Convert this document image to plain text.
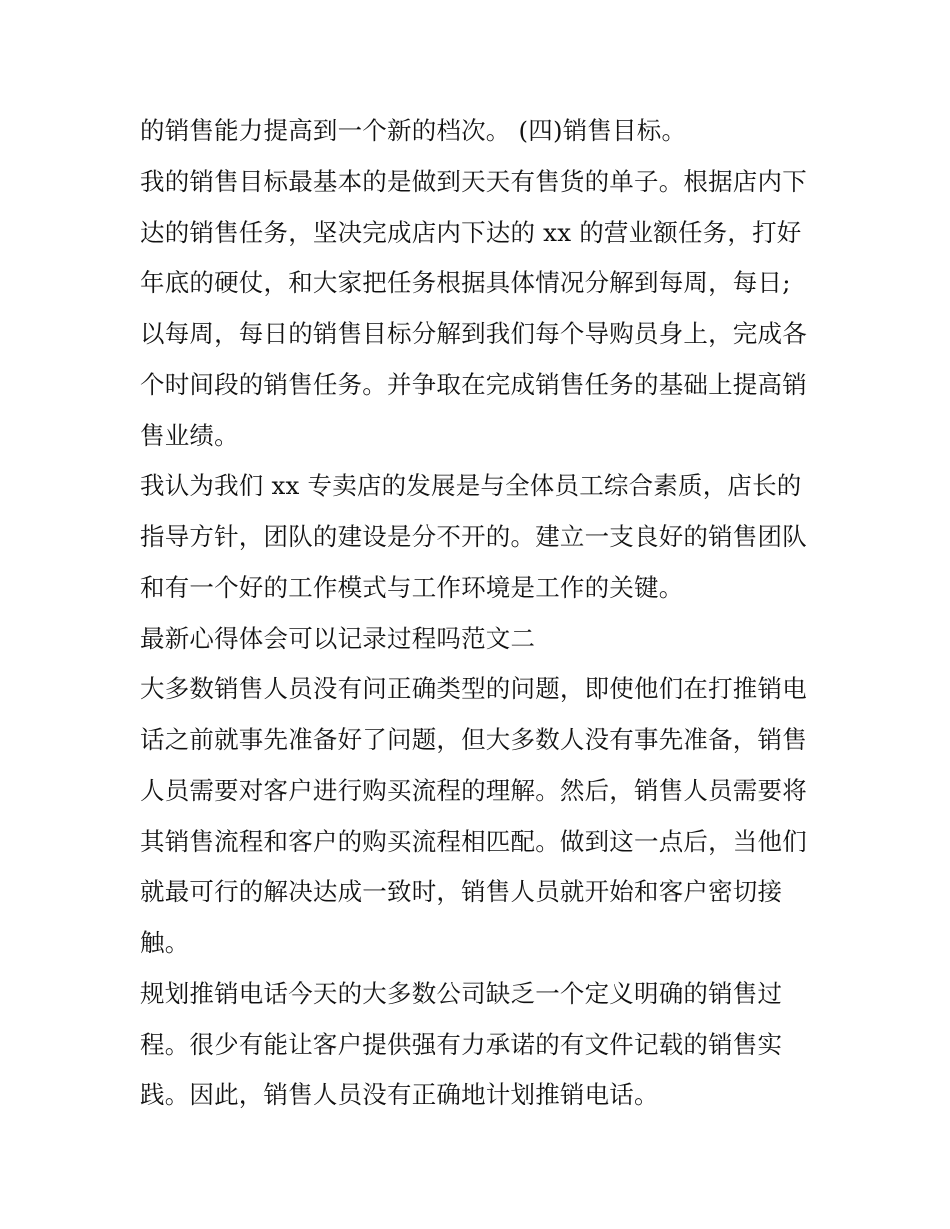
的销售能力提高到一个新的档次。 (四)销售目标。
我的销售目标最基本的是做到天天有售货的单子。根据店内下
达的销售任务，坚决完成店内下达的 xx 的营业额任务，打好
年底的硬仗，和大家把任务根据具体情况分解到每周，每日;
以每周，每日的销售目标分解到我们每个导购员身上，完成各
个时间段的销售任务。并争取在完成销售任务的基础上提高销
售业绩。
我认为我们 xx 专卖店的发展是与全体员工综合素质，店长的
指导方针，团队的建设是分不开的。建立一支良好的销售团队
和有一个好的工作模式与工作环境是工作的关键。
最新心得体会可以记录过程吗范文二
大多数销售人员没有问正确类型的问题，即使他们在打推销电
话之前就事先准备好了问题，但大多数人没有事先准备，销售
人员需要对客户进行购买流程的理解。然后，销售人员需要将
其销售流程和客户的购买流程相匹配。做到这一点后，当他们
就最可行的解决达成一致时，销售人员就开始和客户密切接
触。
规划推销电话今天的大多数公司缺乏一个定义明确的销售过
程。很少有能让客户提供强有力承诺的有文件记载的销售实
践。因此，销售人员没有正确地计划推销电话。
